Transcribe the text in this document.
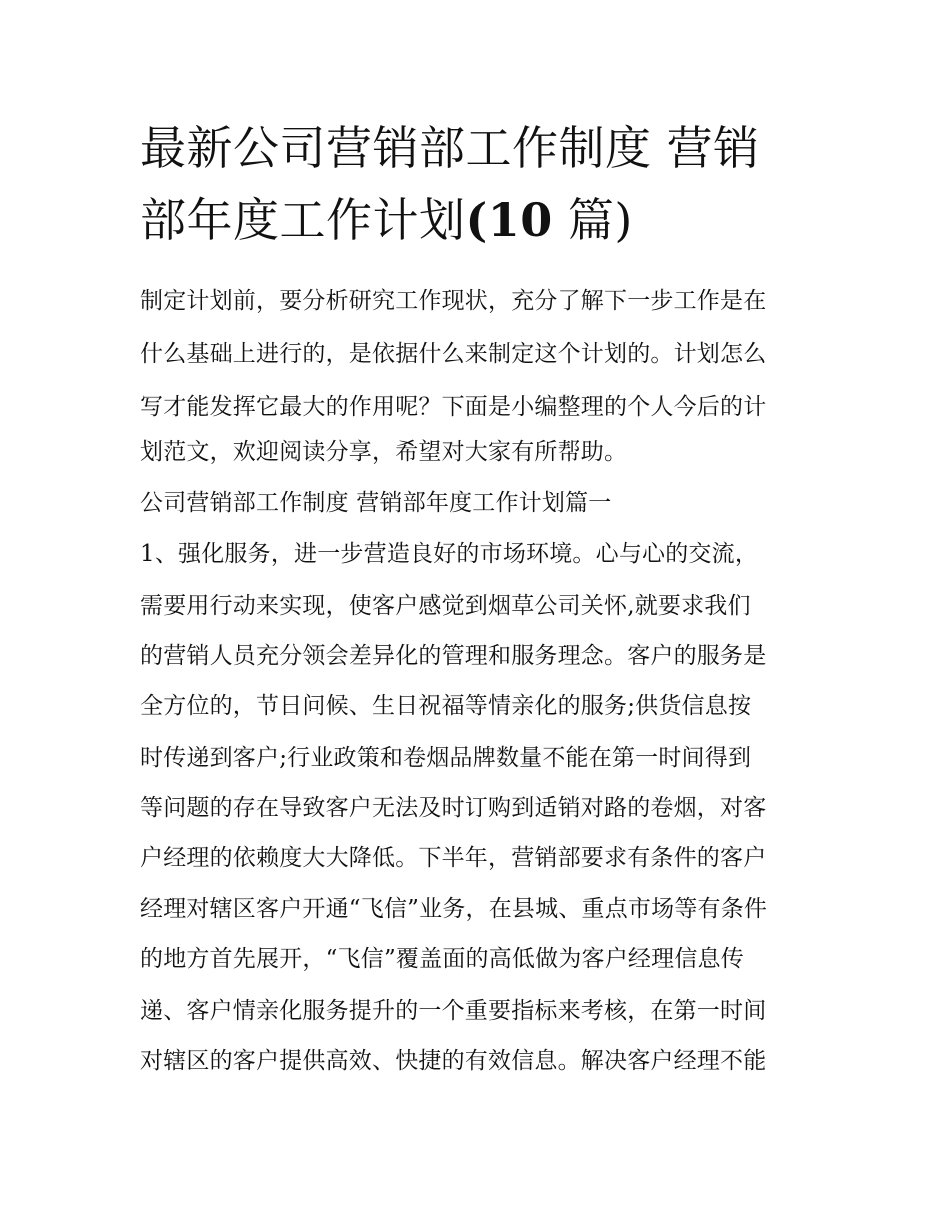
最新公司营销部工作制度 营销
部年度工作计划(10 篇)

制定计划前，要分析研究工作现状，充分了解下一步工作是在

什么基础上进行的，是依据什么来制定这个计划的。计划怎么

写才能发挥它最大的作用呢？下面是小编整理的个人今后的计

划范文，欢迎阅读分享，希望对大家有所帮助。

公司营销部工作制度 营销部年度工作计划篇一

1、强化服务，进一步营造良好的市场环境。心与心的交流，

需要用行动来实现，使客户感觉到烟草公司关怀,就要求我们

的营销人员充分领会差异化的管理和服务理念。客户的服务是

全方位的，节日问候、生日祝福等情亲化的服务;供货信息按

时传递到客户;行业政策和卷烟品牌数量不能在第一时间得到

等问题的存在导致客户无法及时订购到适销对路的卷烟，对客

户经理的依赖度大大降低。下半年，营销部要求有条件的客户

经理对辖区客户开通“飞信”业务，在县城、重点市场等有条件

的地方首先展开，“飞信”覆盖面的高低做为客户经理信息传

递、客户情亲化服务提升的一个重要指标来考核，在第一时间

对辖区的客户提供高效、快捷的有效信息。解决客户经理不能
